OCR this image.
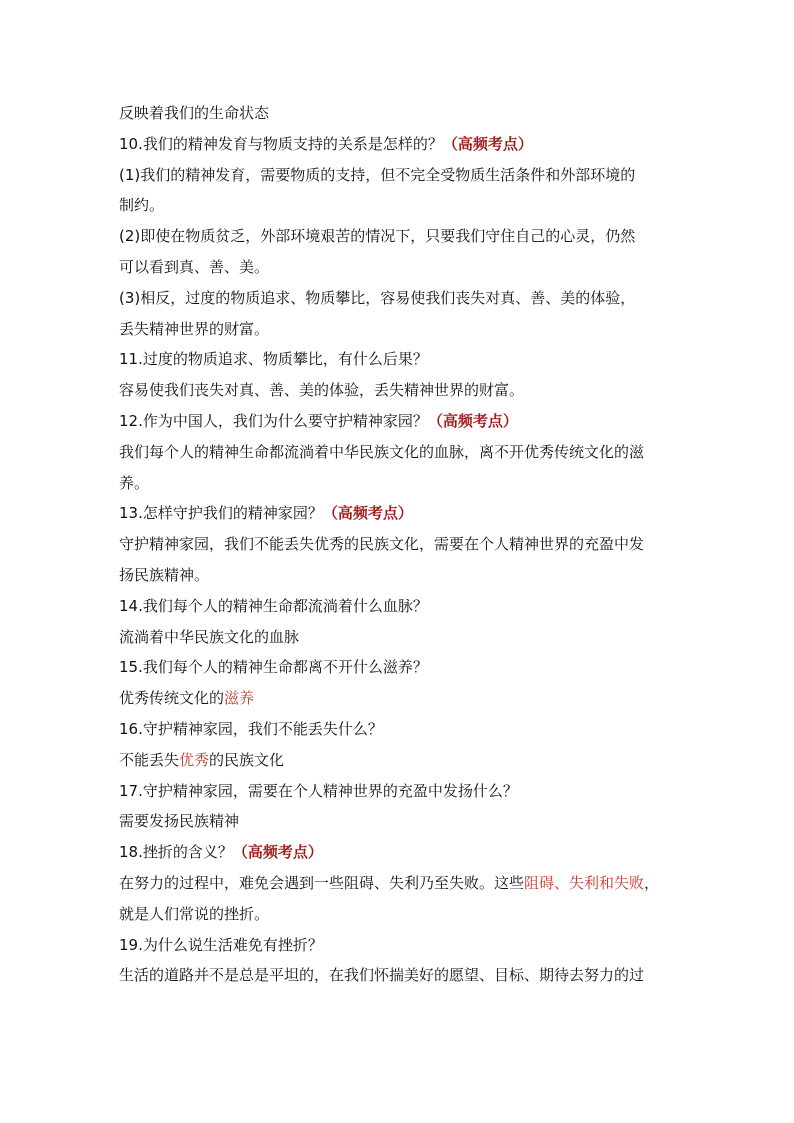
反映着我们的生命状态
10.我们的精神发育与物质支持的关系是怎样的？（高频考点）
(1)我们的精神发育，需要物质的支持，但不完全受物质生活条件和外部环境的
制约。
(2)即使在物质贫乏，外部环境艰苦的情况下，只要我们守住自己的心灵，仍然
可以看到真、善、美。
(3)相反，过度的物质追求、物质攀比，容易使我们丧失对真、善、美的体验，
丢失精神世界的财富。
11.过度的物质追求、物质攀比，有什么后果？
容易使我们丧失对真、善、美的体验，丢失精神世界的财富。
12.作为中国人，我们为什么要守护精神家园？（高频考点）
我们每个人的精神生命都流淌着中华民族文化的血脉，离不开优秀传统文化的滋
养。
13.怎样守护我们的精神家园？（高频考点）
守护精神家园，我们不能丢失优秀的民族文化，需要在个人精神世界的充盈中发
扬民族精神。
14.我们每个人的精神生命都流淌着什么血脉？
流淌着中华民族文化的血脉
15.我们每个人的精神生命都离不开什么滋养？
优秀传统文化的滋养
16.守护精神家园，我们不能丢失什么？
不能丢失优秀的民族文化
17.守护精神家园，需要在个人精神世界的充盈中发扬什么？
需要发扬民族精神
18.挫折的含义？（高频考点）
在努力的过程中，难免会遇到一些阻碍、失利乃至失败。这些阻碍、失利和失败，
就是人们常说的挫折。
19.为什么说生活难免有挫折？
生活的道路并不是总是平坦的，在我们怀揣美好的愿望、目标、期待去努力的过
